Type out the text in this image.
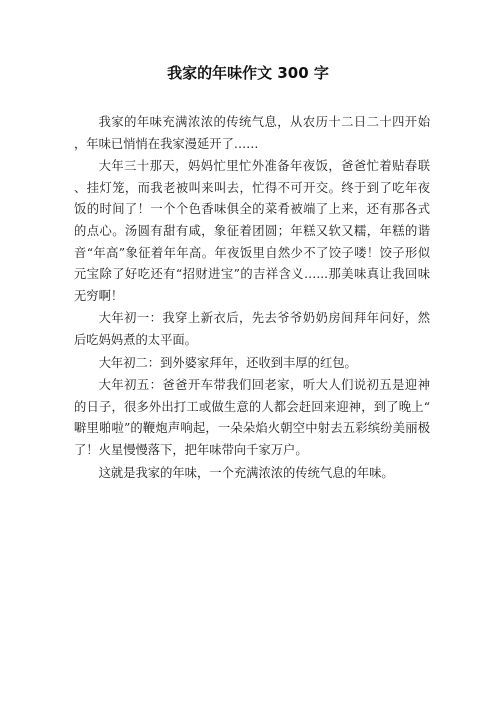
我家的年味作文 300 字

我家的年味充满浓浓的传统气息，从农历十二日二十四开始，年味已悄悄在我家漫延开了……

大年三十那天，妈妈忙里忙外准备年夜饭，爸爸忙着贴春联、挂灯笼，而我老被叫来叫去，忙得不可开交。终于到了吃年夜饭的时间了！一个个色香味俱全的菜肴被端了上来，还有那各式的点心。汤圆有甜有咸，象征着团圆；年糕又软又糯，年糕的谐音“年高”象征着年年高。年夜饭里自然少不了饺子喽！饺子形似元宝除了好吃还有“招财进宝”的吉祥含义…...那美味真让我回味无穷啊！

大年初一：我穿上新衣后，先去爷爷奶奶房间拜年问好，然后吃妈妈煮的太平面。

大年初二：到外婆家拜年，还收到丰厚的红包。

大年初五：爸爸开车带我们回老家，听大人们说初五是迎神的日子，很多外出打工或做生意的人都会赶回来迎神，到了晚上“噼里啪啦”的鞭炮声响起，一朵朵焰火朝空中射去五彩缤纷美丽极了！火星慢慢落下，把年味带向千家万户。

这就是我家的年味，一个充满浓浓的传统气息的年味。
